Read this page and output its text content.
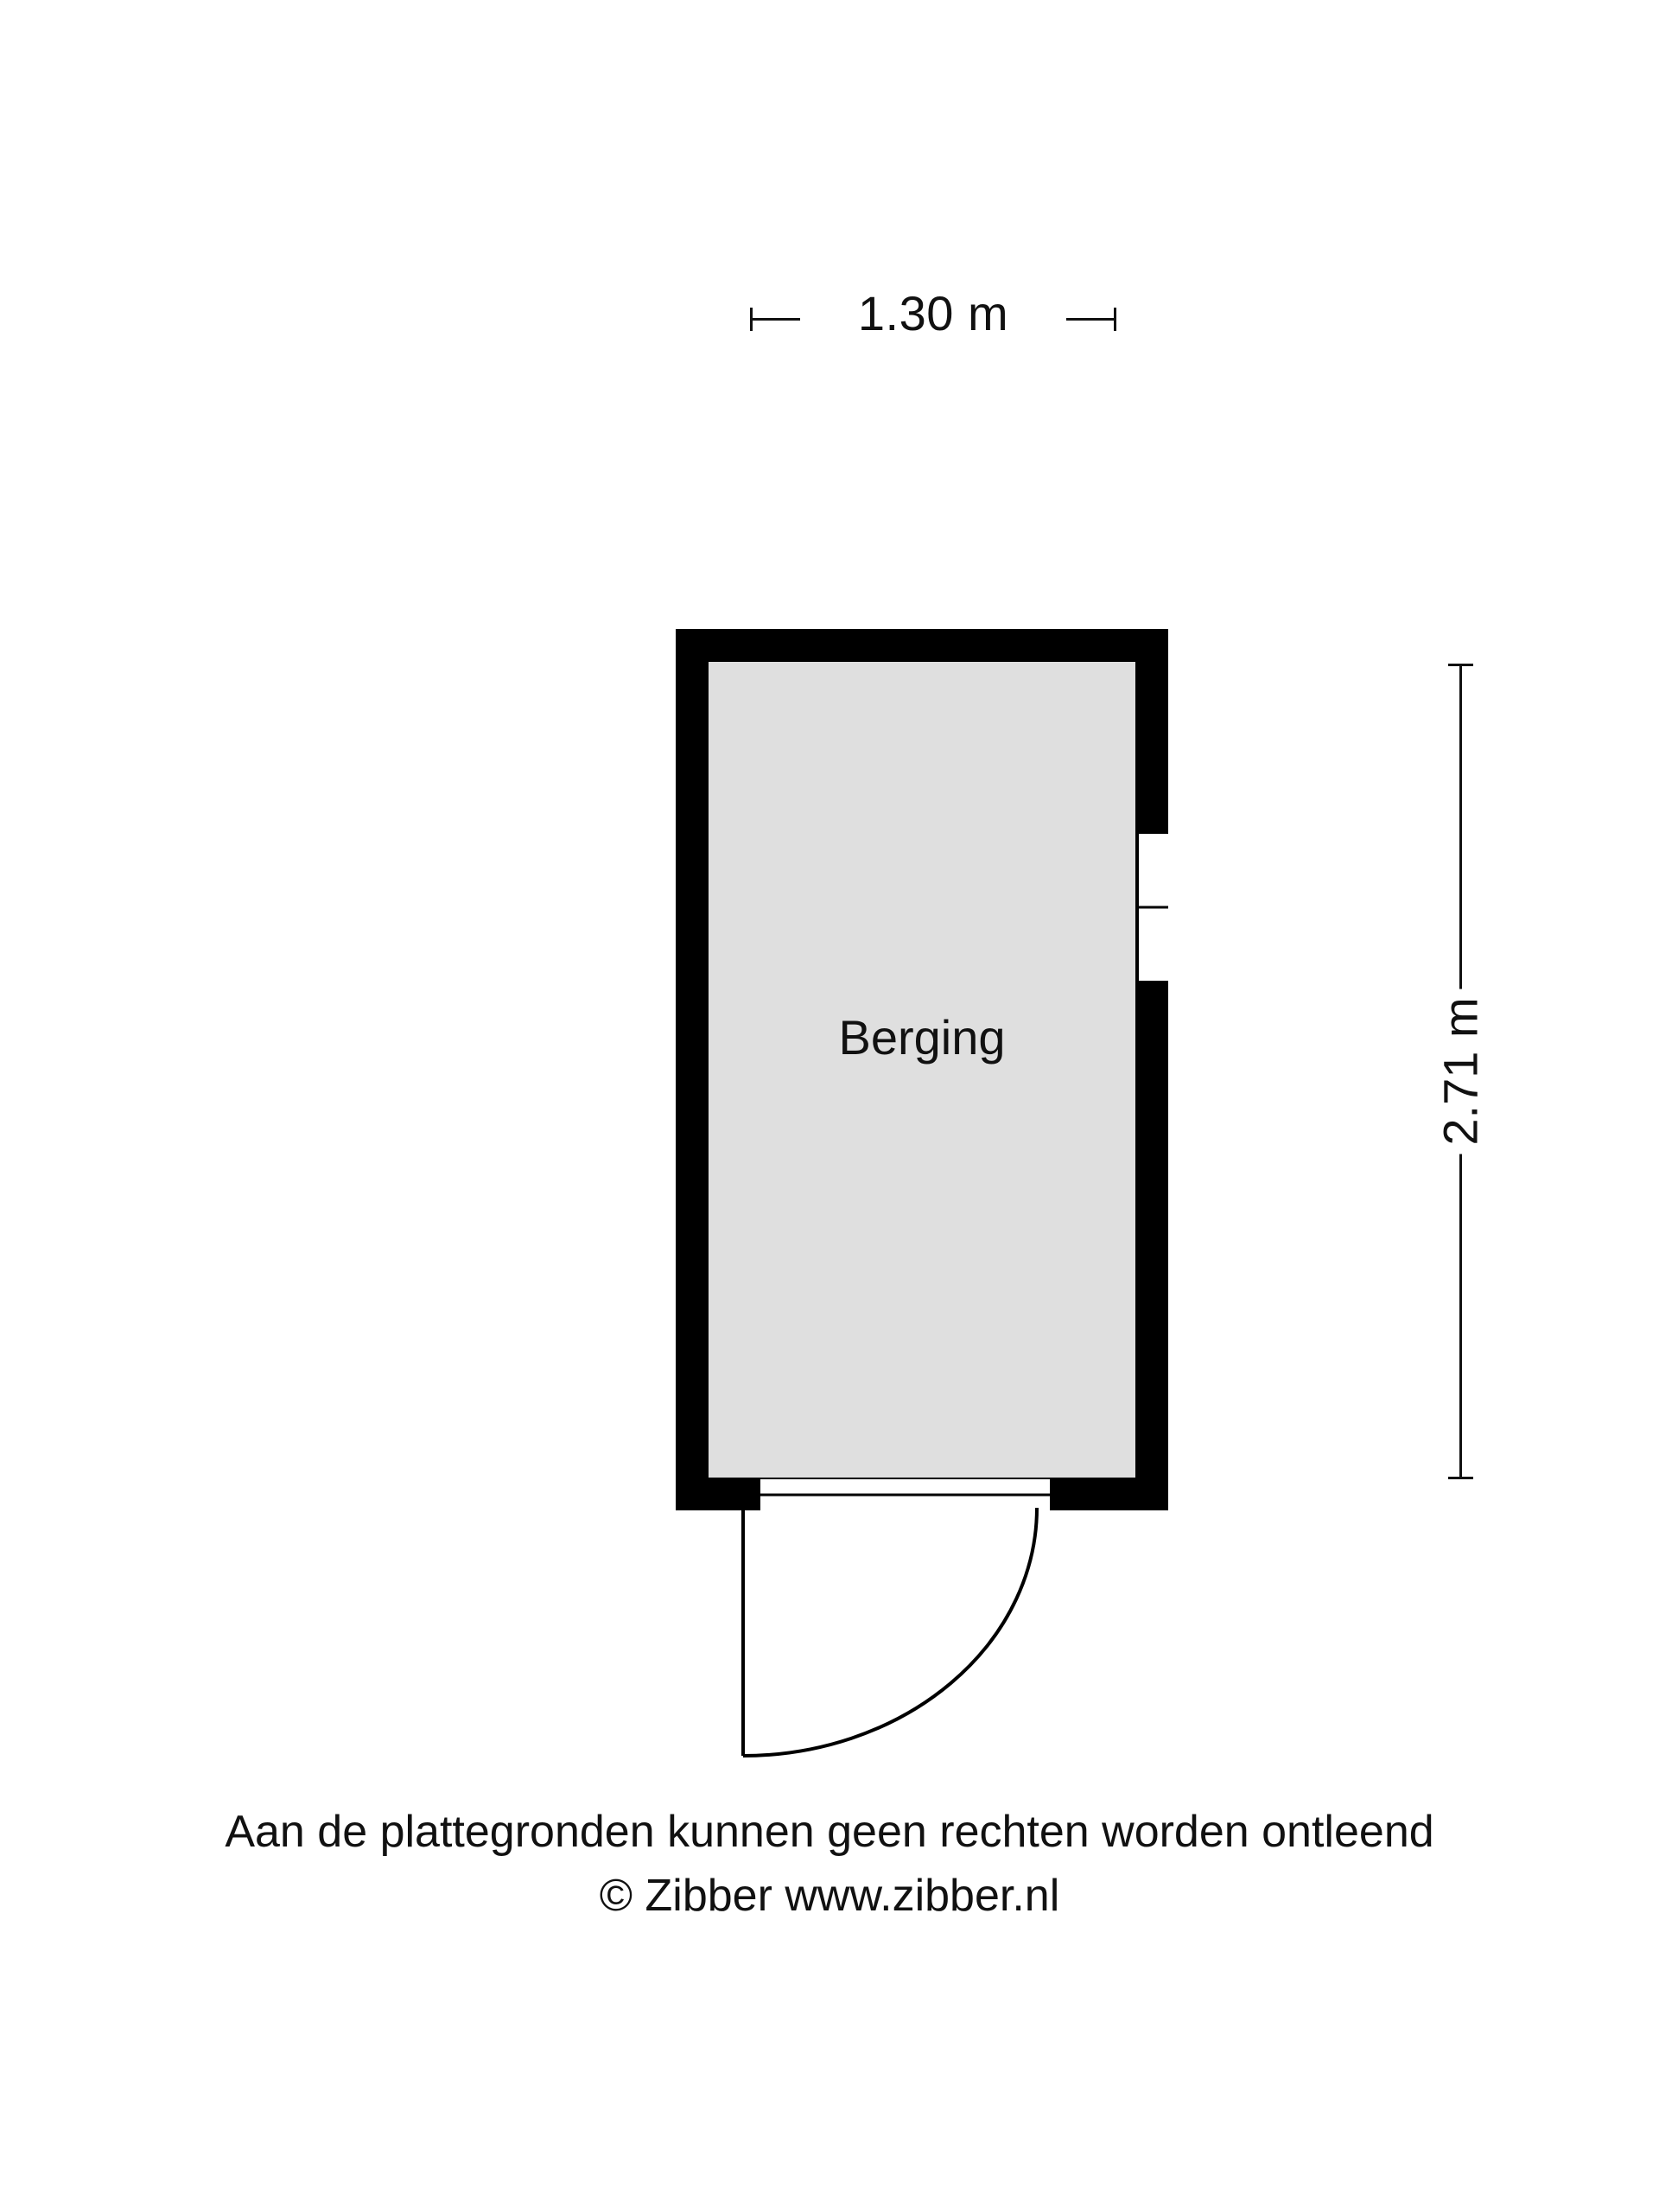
1.30 m
Berging	2.71 m
Aan de plattegronden kunnen geen rechten worden ontleend
© Zibber www.zibber.nl
